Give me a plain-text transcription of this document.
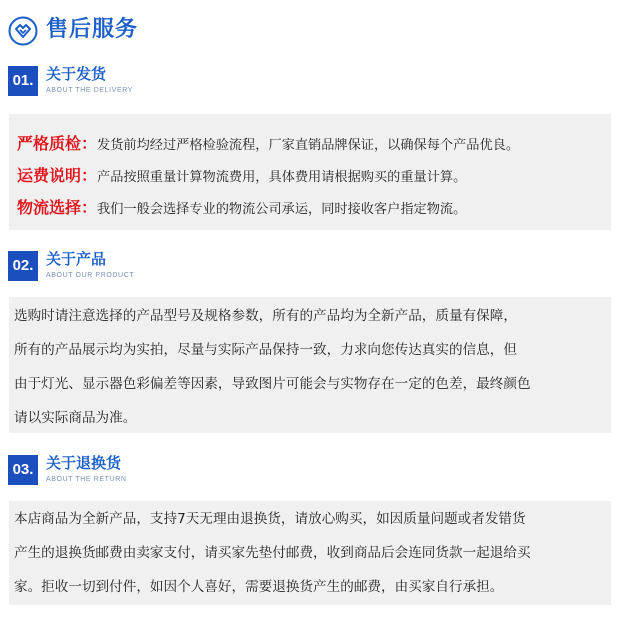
售后服务
01. 关于发货
ABOUT THE DELIVERY
严格质检：发货前均经过严格检验流程，厂家直销品牌保证，以确保每个产品优良。
运费说明：产品按照重量计算物流费用，具体费用请根据购买的重量计算。
物流选择：我们一般会选择专业的物流公司承运，同时接收客户指定物流。
02. 关于产品
ABOUT OUR PRODUCT
选购时请注意选择的产品型号及规格参数，所有的产品均为全新产品，质量有保障，
所有的产品展示均为实拍，尽量与实际产品保持一致，力求向您传达真实的信息，但
由于灯光、显示器色彩偏差等因素，导致图片可能会与实物存在一定的色差，最终颜色
请以实际商品为准。
03. 关于退换货
ABOUT THE RETURN
本店商品为全新产品，支持7天无理由退换货，请放心购买，如因质量问题或者发错货
产生的退换货邮费由卖家支付，请买家先垫付邮费，收到商品后会连同货款一起退给买
家。拒收一切到付件，如因个人喜好，需要退换货产生的邮费，由买家自行承担。
